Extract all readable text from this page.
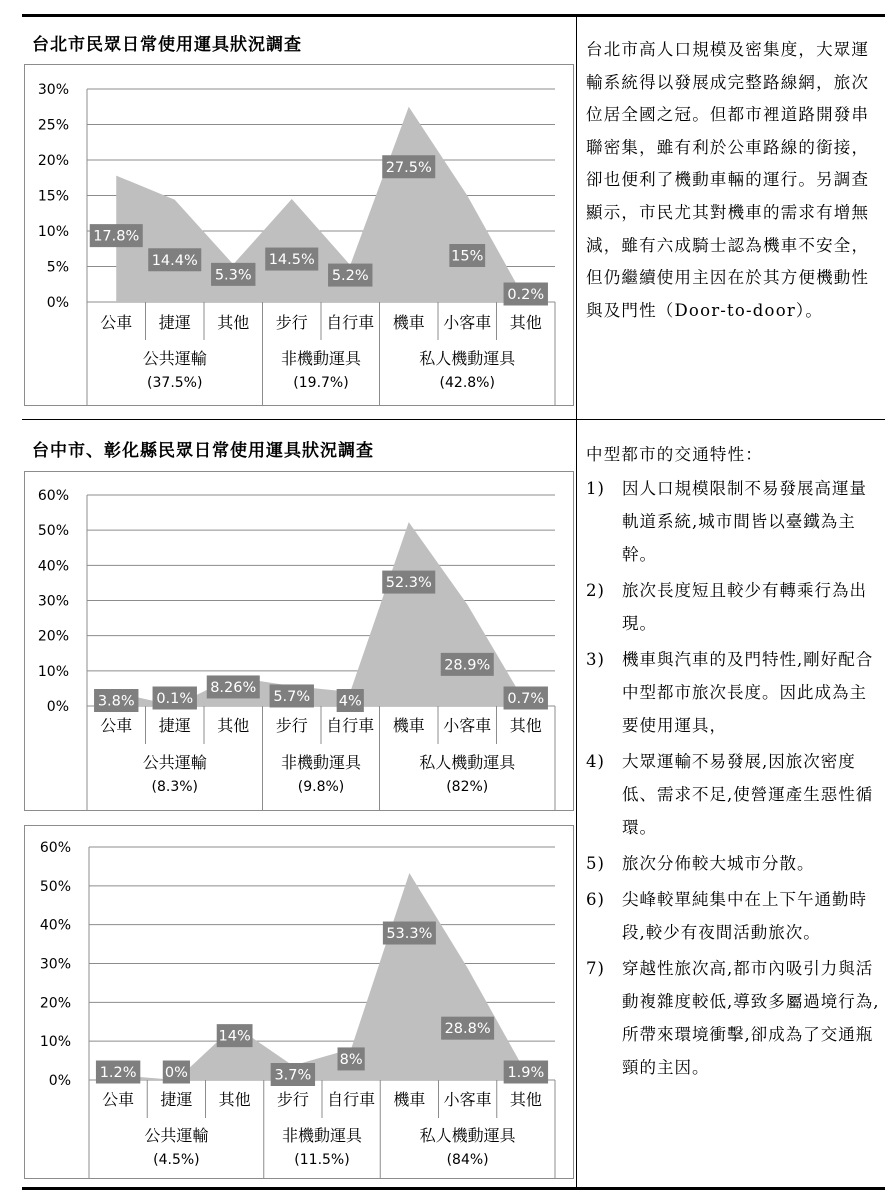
台北市民眾日常使用運具狀況調查
0%
5%
10%
15%
20%
25%
30%
公車 捷運 其他 步行 自行車 機車 小客車 其他
公共運輸
(37.5%)
非機動運具
(19.7%)
私人機動運具
(42.8%)
17.8%
14.4%
5.3%
14.5%
5.2%
27.5%
15%
0.2%
台北市高人口規模及密集度，大眾運輸系統得以發展成完整路線網，旅次位居全國之冠。但都市裡道路開發串聯密集，雖有利於公車路線的銜接，卻也便利了機動車輛的運行。另調查顯示，市民尤其對機車的需求有增無減，雖有六成騎士認為機車不安全，但仍繼續使用主因在於其方便機動性與及門性（Door-to-door）。
台中市、彰化縣民眾日常使用運具狀況調查
0%
10%
20%
30%
40%
50%
60%
公車 捷運 其他 步行 自行車 機車 小客車 其他
公共運輸
(8.3%)
非機動運具
(9.8%)
私人機動運具
(82%)
3.8% 0.1%
8.26%
5.7% 4%
52.3%
28.9%
0.7%
0%
10%
20%
30%
40%
50%
60%
公車 捷運 其他 步行 自行車 機車 小客車 其他
公共運輸
(4.5%)
非機動運具
(11.5%)
私人機動運具
(84%)
1.2% 0%
14%
3.7%
8%
53.3%
28.8%
1.9%
中型都市的交通特性：
1) 因人口規模限制不易發展高運量軌道系統,城市間皆以臺鐵為主幹。
2) 旅次長度短且較少有轉乘行為出現。
3) 機車與汽車的及門特性,剛好配合中型都市旅次長度。因此成為主要使用運具，
4) 大眾運輸不易發展,因旅次密度低、需求不足,使營運產生惡性循環。
5) 旅次分佈較大城市分散。
6) 尖峰較單純集中在上下午通勤時段,較少有夜間活動旅次。
7) 穿越性旅次高,都市內吸引力與活動複雜度較低,導致多屬過境行為,所帶來環境衝擊,卻成為了交通瓶頸的主因。
